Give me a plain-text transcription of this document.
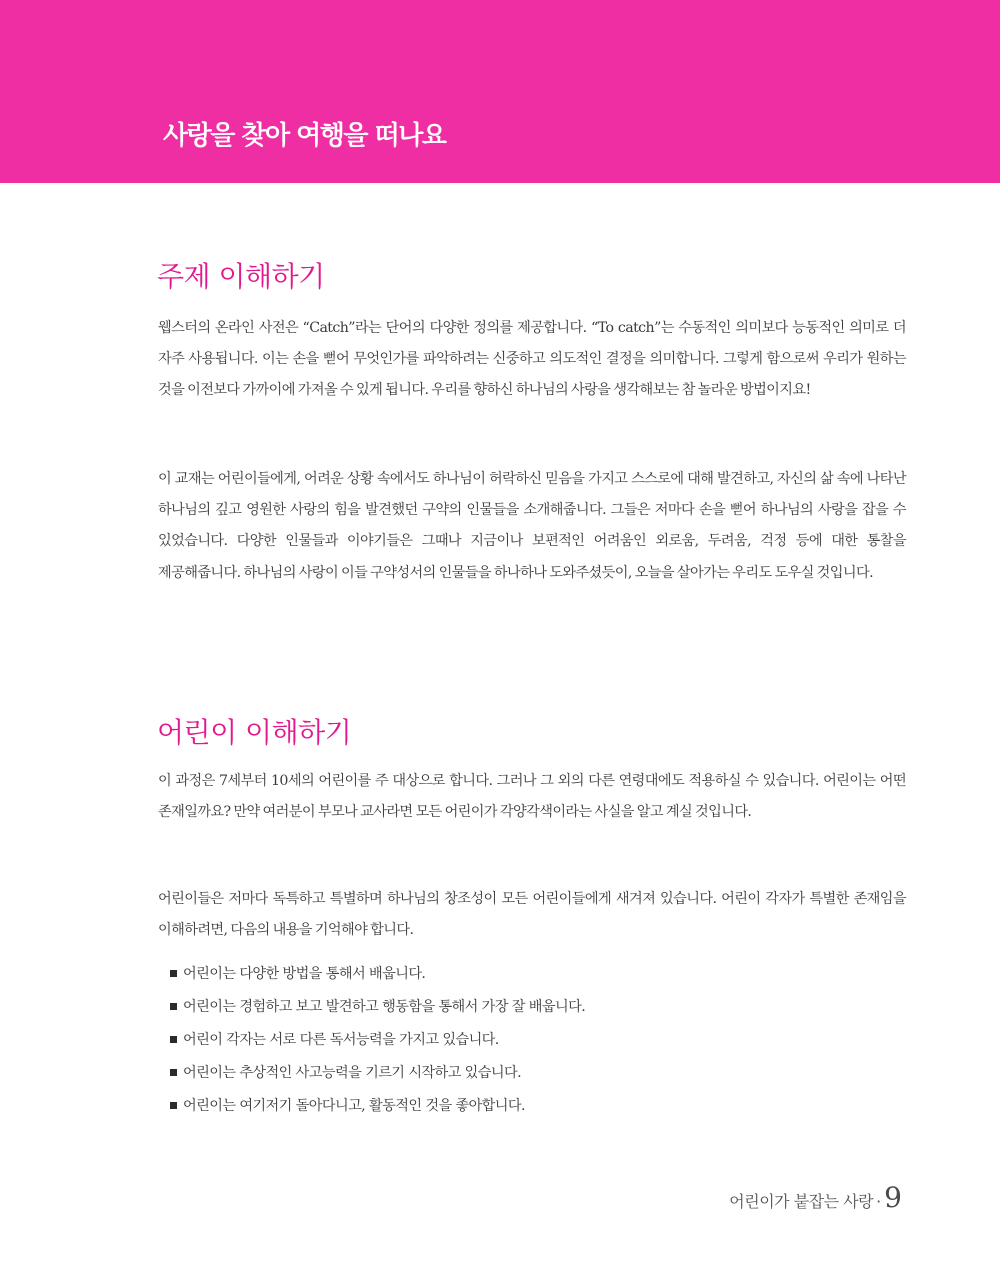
사랑을 찾아 여행을 떠나요
주제 이해하기

웹스터의 온라인 사전은 “Catch”라는 단어의 다양한 정의를 제공합니다. “To catch”는 수동적인 의미보다 능동적인 의미로 더 자주 사용됩니다. 이는 손을 뻗어 무엇인가를 파악하려는 신중하고 의도적인 결정을 의미합니다. 그렇게 함으로써 우리가 원하는 것을 이전보다 가까이에 가져올 수 있게 됩니다. 우리를 향하신 하나님의 사랑을 생각해보는 참 놀라운 방법이지요!

이 교재는 어린이들에게, 어려운 상황 속에서도 하나님이 허락하신 믿음을 가지고 스스로에 대해 발견하고, 자신의 삶 속에 나타난 하나님의 깊고 영원한 사랑의 힘을 발견했던 구약의 인물들을 소개해줍니다. 그들은 저마다 손을 뻗어 하나님의 사랑을 잡을 수 있었습니다. 다양한 인물들과 이야기들은 그때나 지금이나 보편적인 어려움인 외로움, 두려움, 걱정 등에 대한 통찰을 제공해줍니다. 하나님의 사랑이 이들 구약성서의 인물들을 하나하나 도와주셨듯이, 오늘을 살아가는 우리도 도우실 것입니다.

어린이 이해하기

이 과정은 7세부터 10세의 어린이를 주 대상으로 합니다. 그러나 그 외의 다른 연령대에도 적용하실 수 있습니다. 어린이는 어떤 존재일까요? 만약 여러분이 부모나 교사라면 모든 어린이가 각양각색이라는 사실을 알고 계실 것입니다.

어린이들은 저마다 독특하고 특별하며 하나님의 창조성이 모든 어린이들에게 새겨져 있습니다. 어린이 각자가 특별한 존재임을 이해하려면, 다음의 내용을 기억해야 합니다.

어린이는 다양한 방법을 통해서 배웁니다.
어린이는 경험하고 보고 발견하고 행동함을 통해서 가장 잘 배웁니다.
어린이 각자는 서로 다른 독서능력을 가지고 있습니다.
어린이는 추상적인 사고능력을 기르기 시작하고 있습니다.
어린이는 여기저기 돌아다니고, 활동적인 것을 좋아합니다.
어린이가 붙잡는 사랑 · 9
